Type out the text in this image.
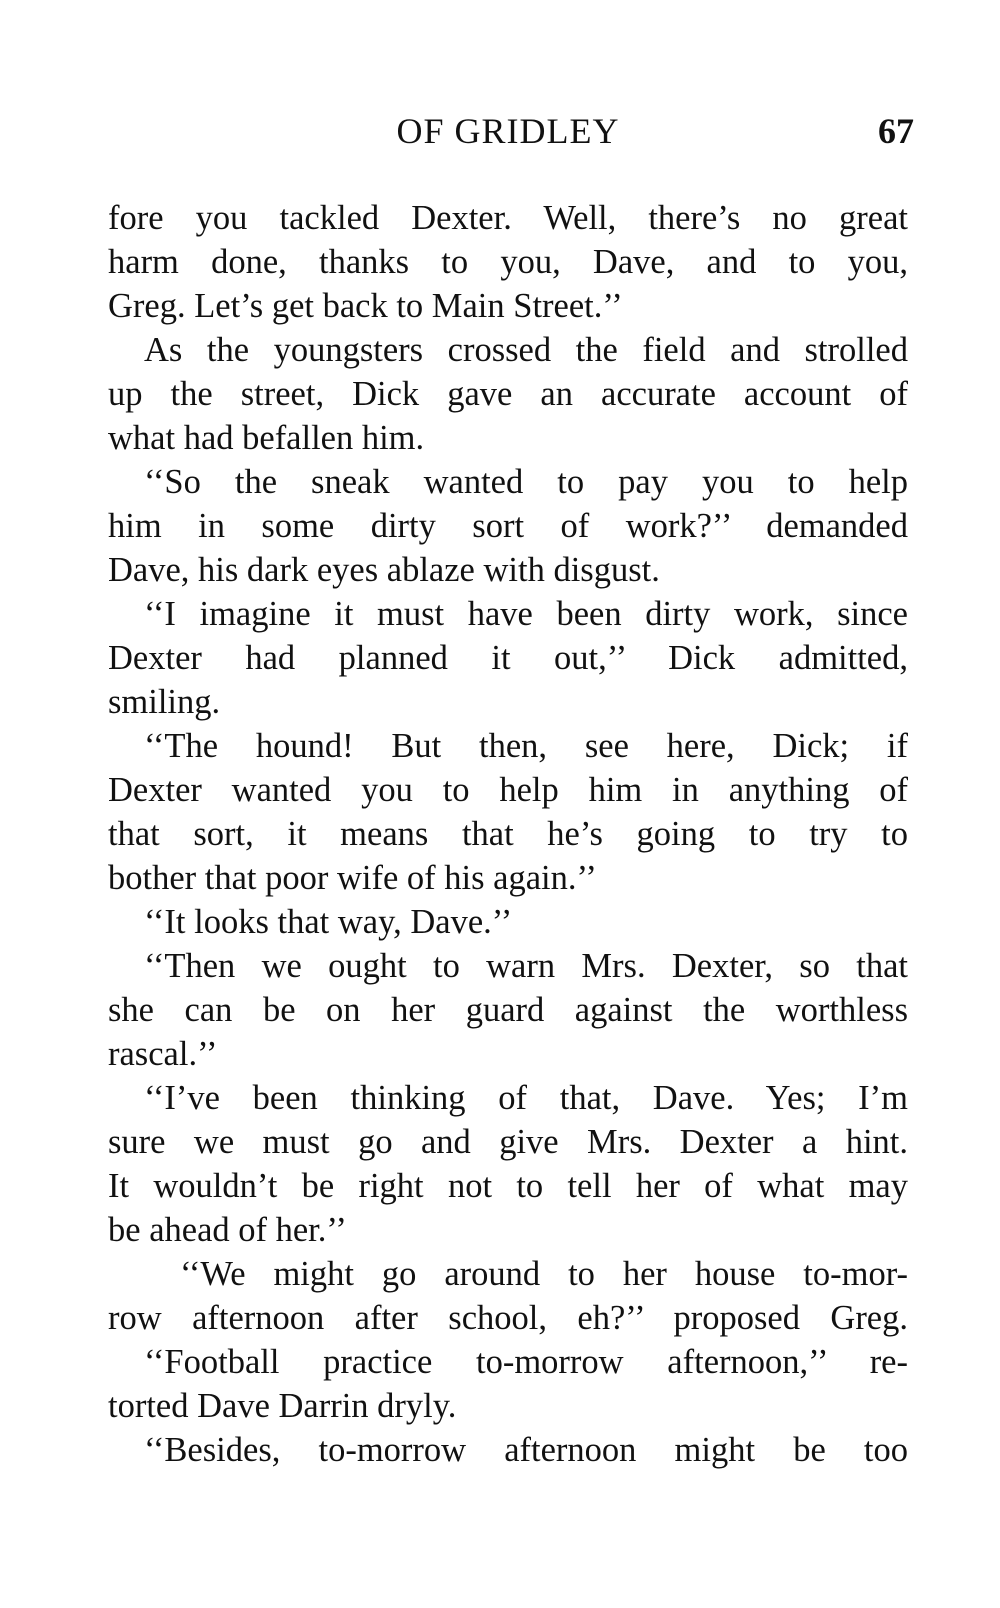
OF GRIDLEY	67
fore you tackled Dexter. Well, there’s no great
harm done, thanks to you, Dave, and to you,
Greg. Let’s get back to Main Street.’’
As the youngsters crossed the field and strolled
up the street, Dick gave an accurate account of
what had befallen him.
‘‘So the sneak wanted to pay you to help
him in some dirty sort of work?’’ demanded
Dave, his dark eyes ablaze with disgust.
‘‘I imagine it must have been dirty work, since
Dexter had planned it out,’’ Dick admitted,
smiling.
‘‘The hound! But then, see here, Dick; if
Dexter wanted you to help him in anything of
that sort, it means that he’s going to try to
bother that poor wife of his again.’’
‘‘It looks that way, Dave.’’
‘‘Then we ought to warn Mrs. Dexter, so that
she can be on her guard against the worthless
rascal.’’
‘‘I’ve been thinking of that, Dave. Yes; I’m
sure we must go and give Mrs. Dexter a hint.
It wouldn’t be right not to tell her of what may
be ahead of her.’’
‘‘We might go around to her house to-mor-
row afternoon after school, eh?’’ proposed Greg.
‘‘Football practice to-morrow afternoon,’’ re-
torted Dave Darrin dryly.
‘‘Besides, to-morrow afternoon might be too
